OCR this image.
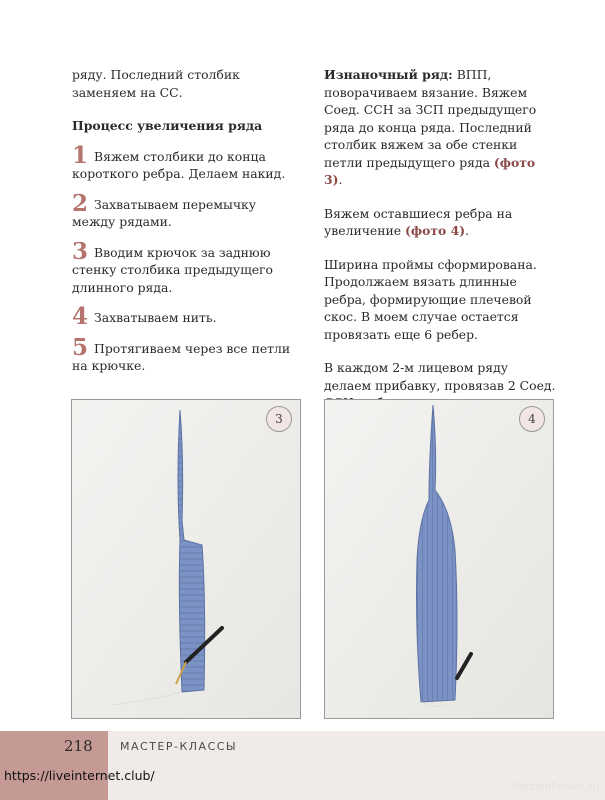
ряду. Последний столбик заменяем на СС.

Процесс увеличения ряда
1 Вяжем столбики до конца короткого ребра. Делаем накид.
2 Захватываем перемычку между рядами.
3 Вводим крючок за заднюю стенку столбика предыдущего длинного ряда.
4 Захватываем нить.
5 Протягиваем через все петли на крючке.

Изнаночный ряд: ВПП, поворачиваем вязание. Вяжем Соед. ССН за ЗСП предыдущего ряда до конца ряда. Последний столбик вяжем за обе стенки петли предыдущего ряда (фото 3).

Вяжем оставшиеся ребра на увеличение (фото 4).

Ширина проймы сформирована. Продолжаем вязать длинные ребра, формирующие плечевой скос. В моем случае остается провязать еще 6 ребер.

В каждом 2-м лицевом ряду делаем прибавку, провязав 2 Соед.

3	4
218 МАСТЕР-КЛАССЫ
https://liveinternet.club/
PassionForum.ru
